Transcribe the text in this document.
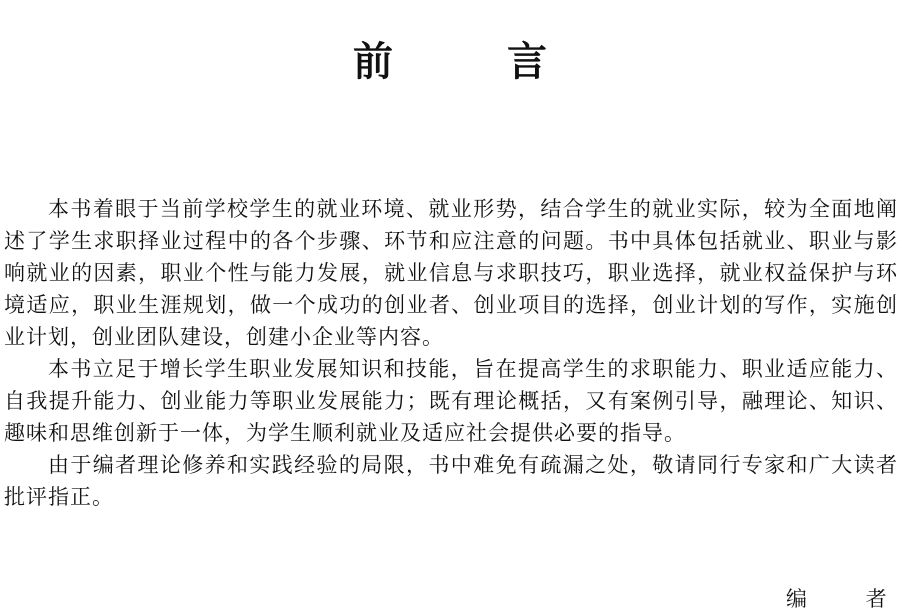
前 言

本书着眼于当前学校学生的就业环境、就业形势，结合学生的就业实际，较为全面地阐述了学生求职择业过程中的各个步骤、环节和应注意的问题。书中具体包括就业、职业与影响就业的因素，职业个性与能力发展，就业信息与求职技巧，职业选择，就业权益保护与环境适应，职业生涯规划，做一个成功的创业者、创业项目的选择，创业计划的写作，实施创业计划，创业团队建设，创建小企业等内容。

本书立足于增长学生职业发展知识和技能，旨在提高学生的求职能力、职业适应能力、自我提升能力、创业能力等职业发展能力；既有理论概括，又有案例引导，融理论、知识、趣味和思维创新于一体，为学生顺利就业及适应社会提供必要的指导。

由于编者理论修养和实践经验的局限，书中难免有疏漏之处，敬请同行专家和广大读者批评指正。

编 者
